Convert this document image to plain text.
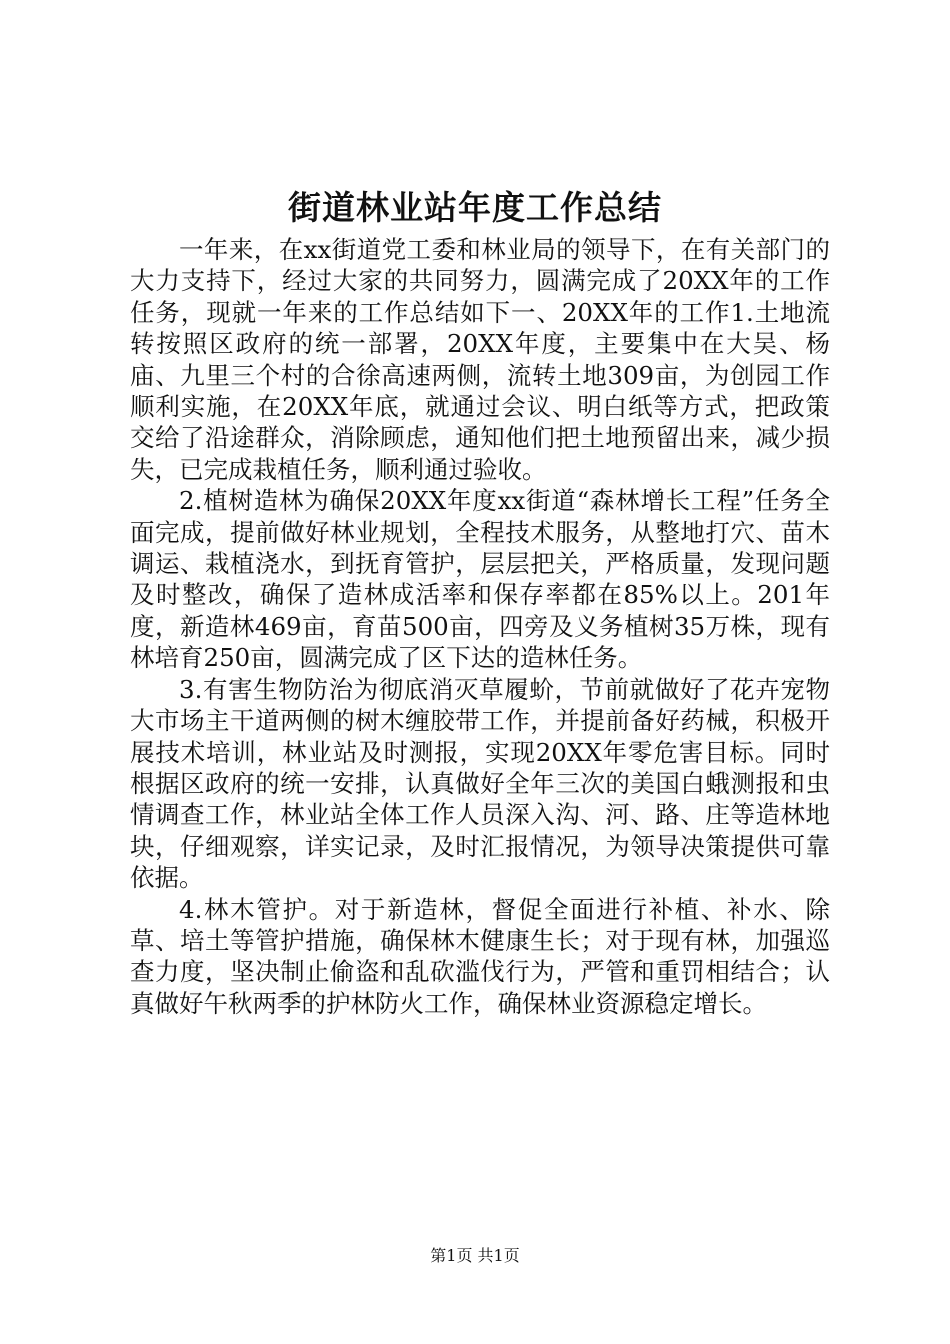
街道林业站年度工作总结

一年来，在xx街道党工委和林业局的领导下，在有关部门的大力支持下，经过大家的共同努力，圆满完成了20XX年的工作任务，现就一年来的工作总结如下一、20XX年的工作1.土地流转按照区政府的统一部署，20XX年度，主要集中在大吴、杨庙、九里三个村的合徐高速两侧，流转土地309亩，为创园工作顺利实施，在20XX年底，就通过会议、明白纸等方式，把政策交给了沿途群众，消除顾虑，通知他们把土地预留出来，减少损失，已完成栽植任务，顺利通过验收。

2.植树造林为确保20XX年度xx街道“森林增长工程”任务全面完成，提前做好林业规划，全程技术服务，从整地打穴、苗木调运、栽植浇水，到抚育管护，层层把关，严格质量，发现问题及时整改，确保了造林成活率和保存率都在85%以上。201年度，新造林469亩，育苗500亩，四旁及义务植树35万株，现有林培育250亩，圆满完成了区下达的造林任务。

3.有害生物防治为彻底消灭草履蚧，节前就做好了花卉宠物大市场主干道两侧的树木缠胶带工作，并提前备好药械，积极开展技术培训，林业站及时测报，实现20XX年零危害目标。同时根据区政府的统一安排，认真做好全年三次的美国白蛾测报和虫情调查工作，林业站全体工作人员深入沟、河、路、庄等造林地块，仔细观察，详实记录，及时汇报情况，为领导决策提供可靠依据。

4.林木管护。对于新造林，督促全面进行补植、补水、除草、培土等管护措施，确保林木健康生长；对于现有林，加强巡查力度，坚决制止偷盗和乱砍滥伐行为，严管和重罚相结合；认真做好午秋两季的护林防火工作，确保林业资源稳定增长。

第1页 共1页
